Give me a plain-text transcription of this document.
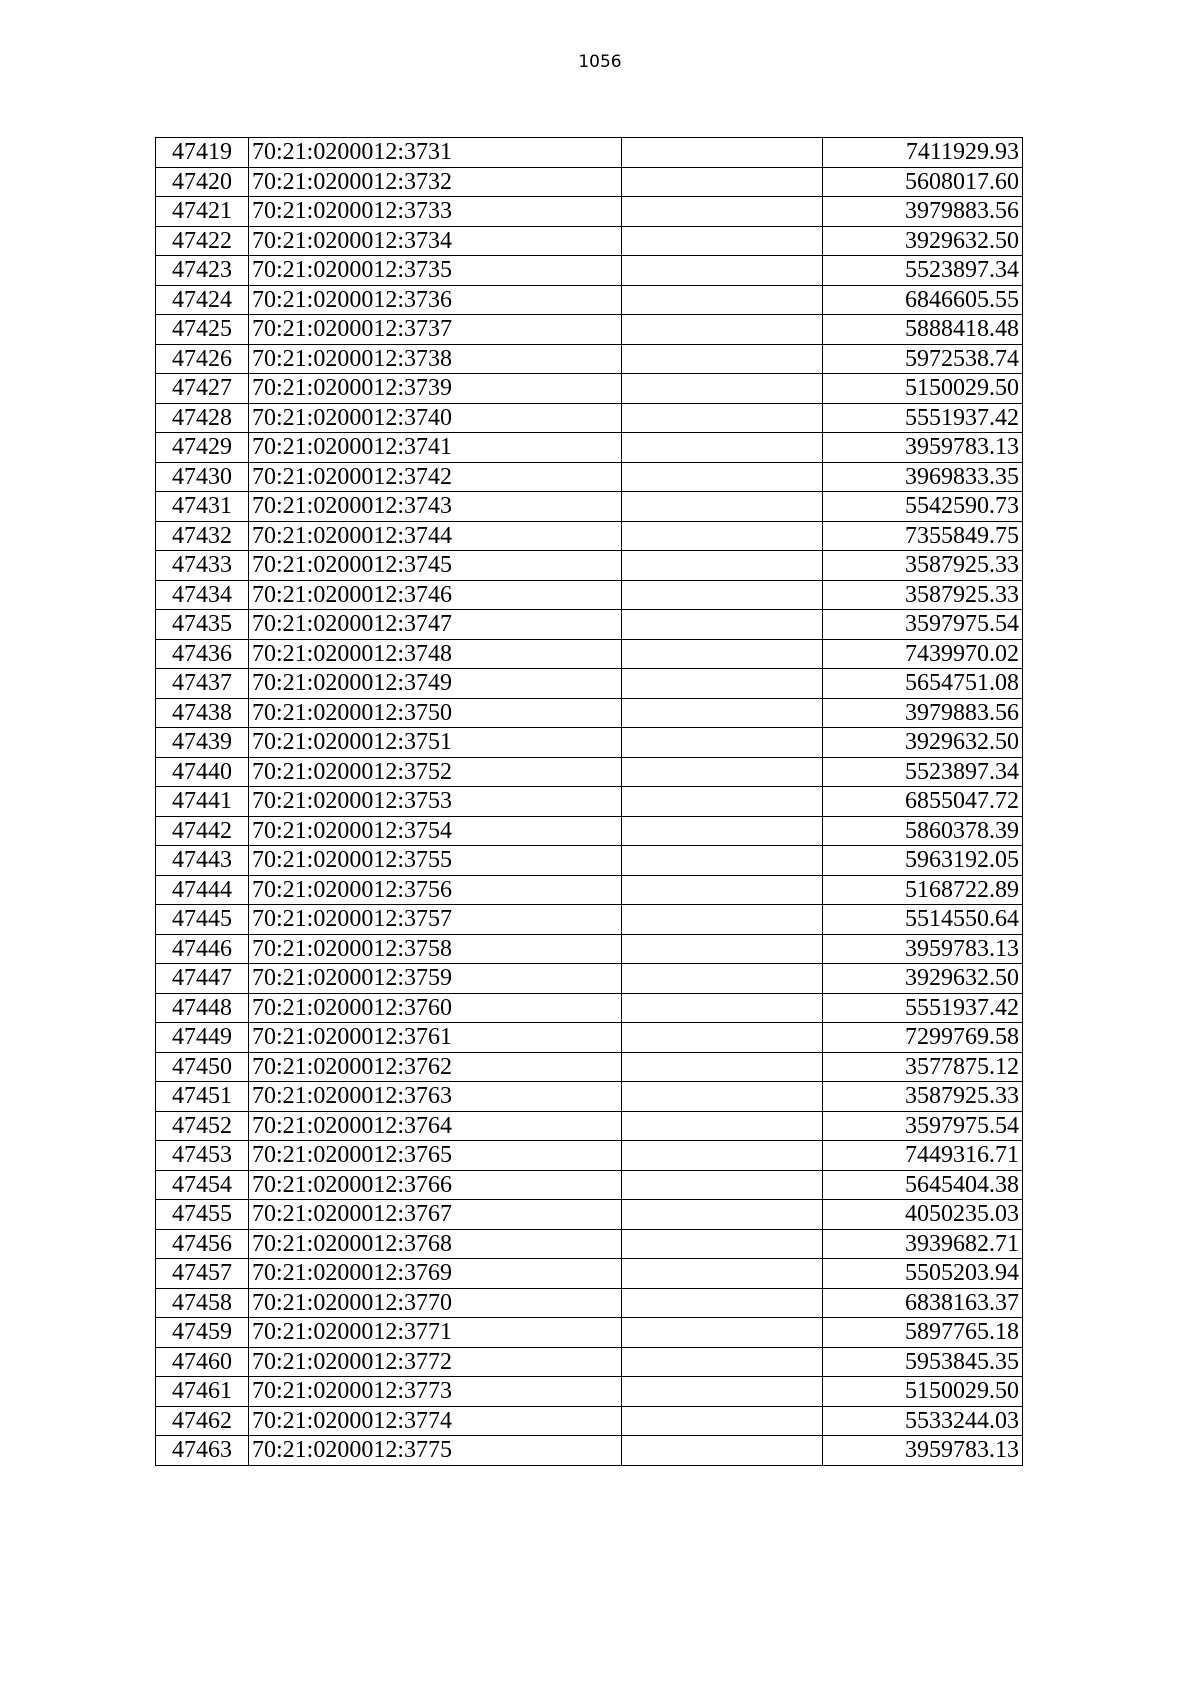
1056
47419	70:21:0200012:3731		7411929.93
47420	70:21:0200012:3732		5608017.60
47421	70:21:0200012:3733		3979883.56
47422	70:21:0200012:3734		3929632.50
47423	70:21:0200012:3735		5523897.34
47424	70:21:0200012:3736		6846605.55
47425	70:21:0200012:3737		5888418.48
47426	70:21:0200012:3738		5972538.74
47427	70:21:0200012:3739		5150029.50
47428	70:21:0200012:3740		5551937.42
47429	70:21:0200012:3741		3959783.13
47430	70:21:0200012:3742		3969833.35
47431	70:21:0200012:3743		5542590.73
47432	70:21:0200012:3744		7355849.75
47433	70:21:0200012:3745		3587925.33
47434	70:21:0200012:3746		3587925.33
47435	70:21:0200012:3747		3597975.54
47436	70:21:0200012:3748		7439970.02
47437	70:21:0200012:3749		5654751.08
47438	70:21:0200012:3750		3979883.56
47439	70:21:0200012:3751		3929632.50
47440	70:21:0200012:3752		5523897.34
47441	70:21:0200012:3753		6855047.72
47442	70:21:0200012:3754		5860378.39
47443	70:21:0200012:3755		5963192.05
47444	70:21:0200012:3756		5168722.89
47445	70:21:0200012:3757		5514550.64
47446	70:21:0200012:3758		3959783.13
47447	70:21:0200012:3759		3929632.50
47448	70:21:0200012:3760		5551937.42
47449	70:21:0200012:3761		7299769.58
47450	70:21:0200012:3762		3577875.12
47451	70:21:0200012:3763		3587925.33
47452	70:21:0200012:3764		3597975.54
47453	70:21:0200012:3765		7449316.71
47454	70:21:0200012:3766		5645404.38
47455	70:21:0200012:3767		4050235.03
47456	70:21:0200012:3768		3939682.71
47457	70:21:0200012:3769		5505203.94
47458	70:21:0200012:3770		6838163.37
47459	70:21:0200012:3771		5897765.18
47460	70:21:0200012:3772		5953845.35
47461	70:21:0200012:3773		5150029.50
47462	70:21:0200012:3774		5533244.03
47463	70:21:0200012:3775		3959783.13
